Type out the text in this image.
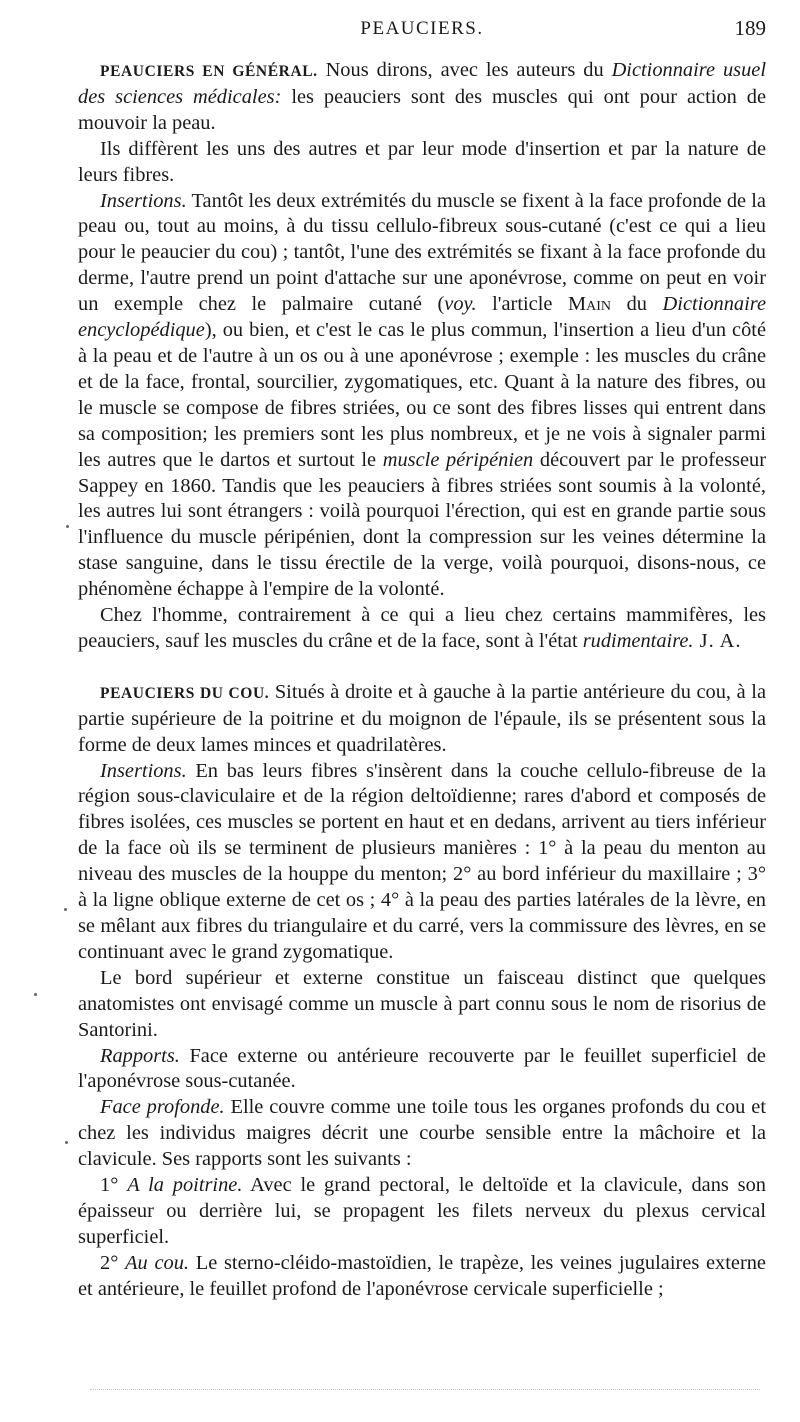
PEAUCIERS.	189

PEAUCIERS EN GÉNÉRAL. Nous dirons, avec les auteurs du Dictionnaire usuel des sciences médicales: les peauciers sont des muscles qui ont pour action de mouvoir la peau.

Ils diffèrent les uns des autres et par leur mode d'insertion et par la nature de leurs fibres.

Insertions. Tantôt les deux extrémités du muscle se fixent à la face profonde de la peau ou, tout au moins, à du tissu cellulo-fibreux sous-cutané (c'est ce qui a lieu pour le peaucier du cou) ; tantôt, l'une des extrémités se fixant à la face profonde du derme, l'autre prend un point d'attache sur une aponévrose, comme on peut en voir un exemple chez le palmaire cutané (voy. l'article Main du Dictionnaire encyclopédique), ou bien, et c'est le cas le plus commun, l'insertion a lieu d'un côté à la peau et de l'autre à un os ou à une aponévrose ; exemple : les muscles du crâne et de la face, frontal, sourcilier, zygomatiques, etc. Quant à la nature des fibres, ou le muscle se compose de fibres striées, ou ce sont des fibres lisses qui entrent dans sa composition; les premiers sont les plus nombreux, et je ne vois à signaler parmi les autres que le dartos et surtout le muscle péripénien découvert par le professeur Sappey en 1860. Tandis que les peauciers à fibres striées sont soumis à la volonté, les autres lui sont étrangers : voilà pourquoi l'érection, qui est en grande partie sous l'influence du muscle péripénien, dont la compression sur les veines détermine la stase sanguine, dans le tissu érectile de la verge, voilà pourquoi, disons-nous, ce phénomène échappe à l'empire de la volonté.

Chez l'homme, contrairement à ce qui a lieu chez certains mammifères, les peauciers, sauf les muscles du crâne et de la face, sont à l'état rudimentaire. J. A.

PEAUCIERS DU COU. Situés à droite et à gauche à la partie antérieure du cou, à la partie supérieure de la poitrine et du moignon de l'épaule, ils se présentent sous la forme de deux lames minces et quadrilatères.

Insertions. En bas leurs fibres s'insèrent dans la couche cellulo-fibreuse de la région sous-claviculaire et de la région deltoïdienne; rares d'abord et composés de fibres isolées, ces muscles se portent en haut et en dedans, arrivent au tiers inférieur de la face où ils se terminent de plusieurs manières : 1° à la peau du menton au niveau des muscles de la houppe du menton; 2° au bord inférieur du maxillaire ; 3° à la ligne oblique externe de cet os ; 4° à la peau des parties latérales de la lèvre, en se mêlant aux fibres du triangulaire et du carré, vers la commissure des lèvres, en se continuant avec le grand zygomatique.

Le bord supérieur et externe constitue un faisceau distinct que quelques anatomistes ont envisagé comme un muscle à part connu sous le nom de risorius de Santorini.

Rapports. Face externe ou antérieure recouverte par le feuillet superficiel de l'aponévrose sous-cutanée.

Face profonde. Elle couvre comme une toile tous les organes profonds du cou et chez les individus maigres décrit une courbe sensible entre la mâchoire et la clavicule. Ses rapports sont les suivants :

1° A la poitrine. Avec le grand pectoral, le deltoïde et la clavicule, dans son épaisseur ou derrière lui, se propagent les filets nerveux du plexus cervical superficiel.

2° Au cou. Le sterno-cléido-mastoïdien, le trapèze, les veines jugulaires externe et antérieure, le feuillet profond de l'aponévrose cervicale superficielle ;
